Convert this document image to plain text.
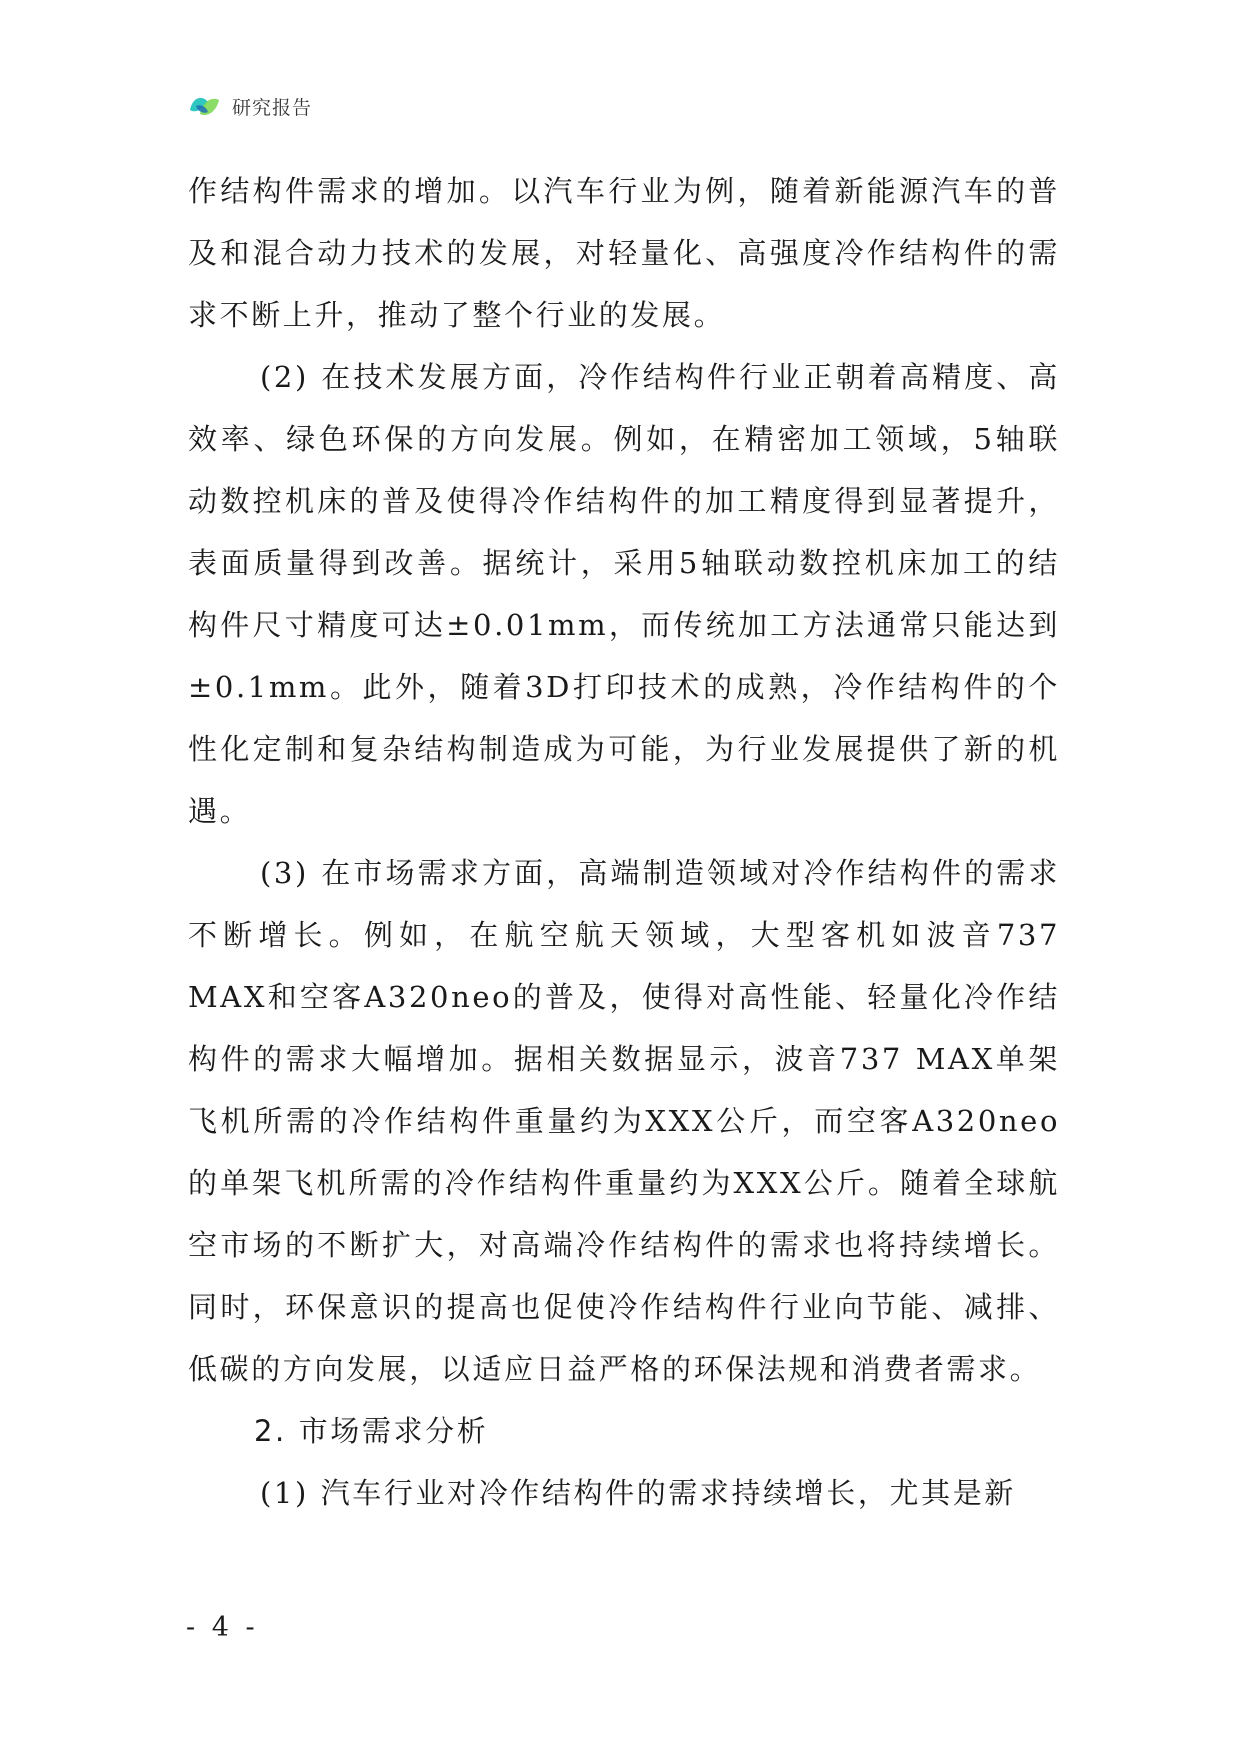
研究报告

作结构件需求的增加。以汽车行业为例，随着新能源汽车的普及和混合动力技术的发展，对轻量化、高强度冷作结构件的需求不断上升，推动了整个行业的发展。

(2) 在技术发展方面，冷作结构件行业正朝着高精度、高效率、绿色环保的方向发展。例如，在精密加工领域，5轴联动数控机床的普及使得冷作结构件的加工精度得到显著提升，表面质量得到改善。据统计，采用5轴联动数控机床加工的结构件尺寸精度可达±0.01mm，而传统加工方法通常只能达到±0.1mm。此外，随着3D打印技术的成熟，冷作结构件的个性化定制和复杂结构制造成为可能，为行业发展提供了新的机遇。

(3) 在市场需求方面，高端制造领域对冷作结构件的需求不断增长。例如，在航空航天领域，大型客机如波音737 MAX和空客A320neo的普及，使得对高性能、轻量化冷作结构件的需求大幅增加。据相关数据显示，波音737 MAX单架飞机所需的冷作结构件重量约为XXX公斤，而空客A320neo的单架飞机所需的冷作结构件重量约为XXX公斤。随着全球航空市场的不断扩大，对高端冷作结构件的需求也将持续增长。同时，环保意识的提高也促使冷作结构件行业向节能、减排、低碳的方向发展，以适应日益严格的环保法规和消费者需求。

2. 市场需求分析

(1) 汽车行业对冷作结构件的需求持续增长，尤其是新

- 4 -
